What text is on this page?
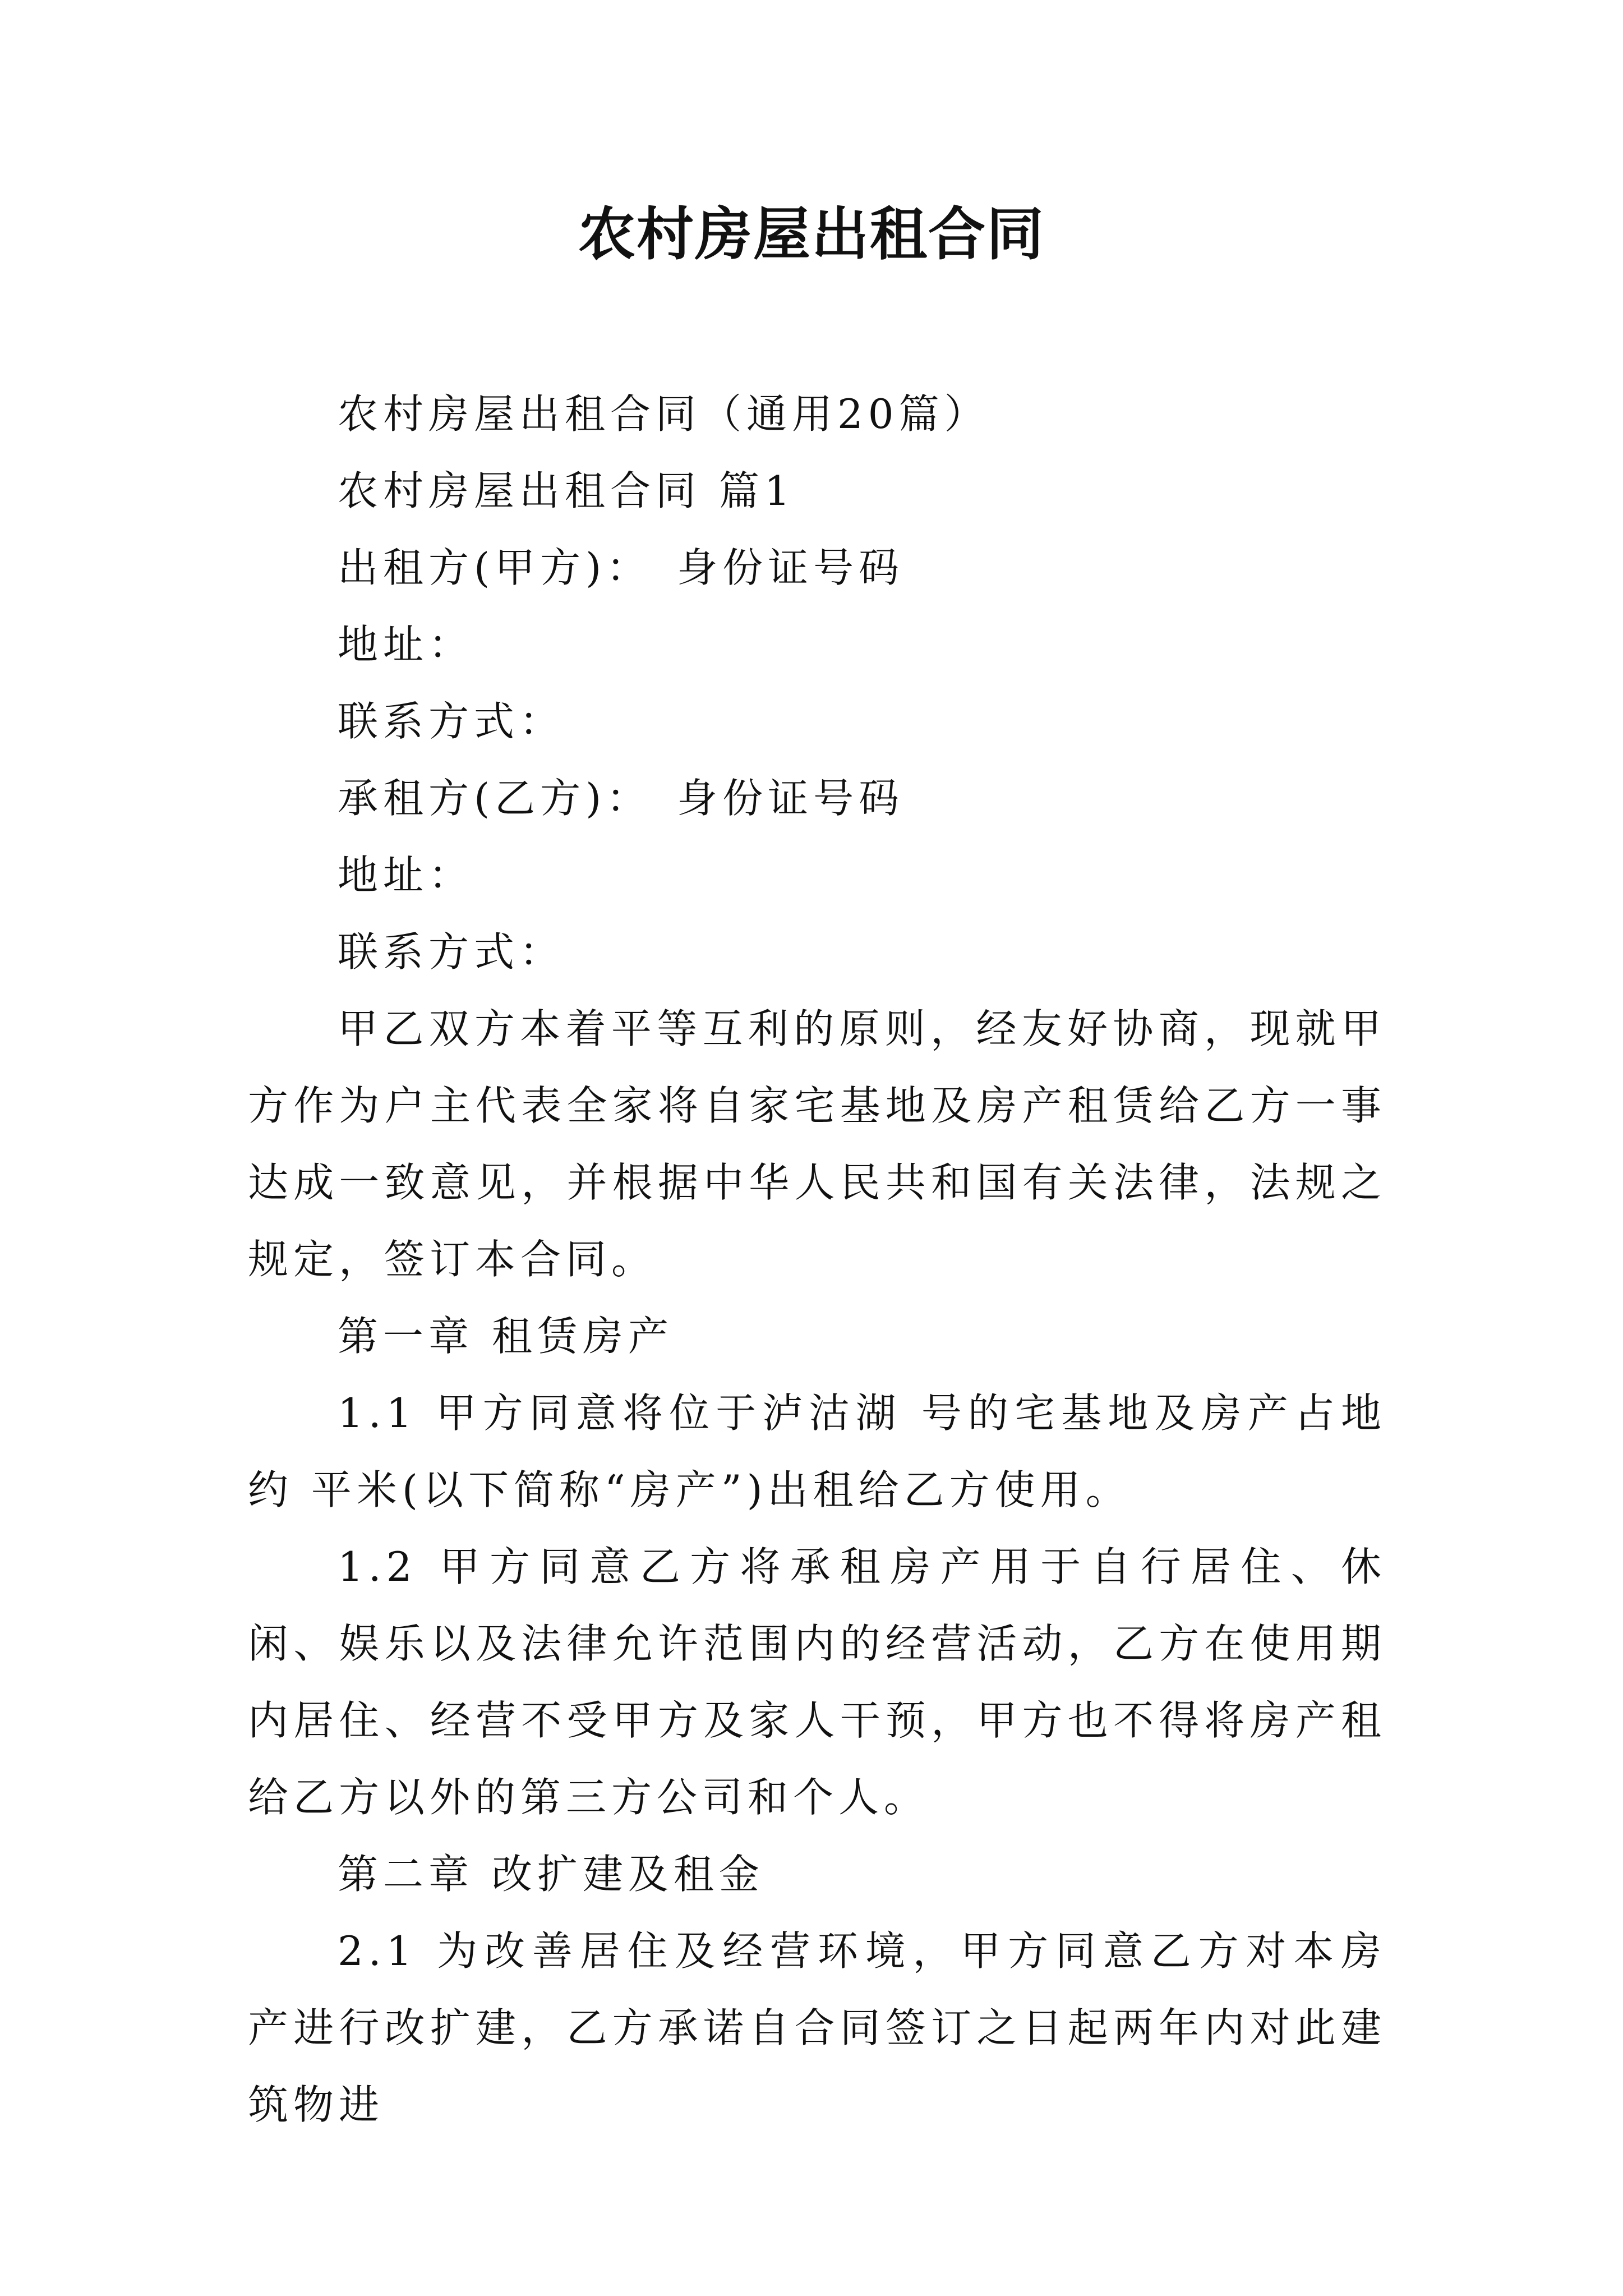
农村房屋出租合同

农村房屋出租合同（通用20篇）

农村房屋出租合同 篇1

出租方(甲方)：　身份证号码

地址：

联系方式：

承租方(乙方)：　身份证号码

地址：

联系方式：

甲乙双方本着平等互利的原则，经友好协商，现就甲方作为户主代表全家将自家宅基地及房产租赁给乙方一事达成一致意见，并根据中华人民共和国有关法律，法规之规定，签订本合同。

第一章 租赁房产

1.1 甲方同意将位于泸沽湖 号的宅基地及房产占地约 平米(以下简称“房产”)出租给乙方使用。

1.2 甲方同意乙方将承租房产用于自行居住、休闲、娱乐以及法律允许范围内的经营活动，乙方在使用期内居住、经营不受甲方及家人干预，甲方也不得将房产租给乙方以外的第三方公司和个人。

第二章 改扩建及租金

2.1 为改善居住及经营环境，甲方同意乙方对本房产进行改扩建，乙方承诺自合同签订之日起两年内对此建筑物进
